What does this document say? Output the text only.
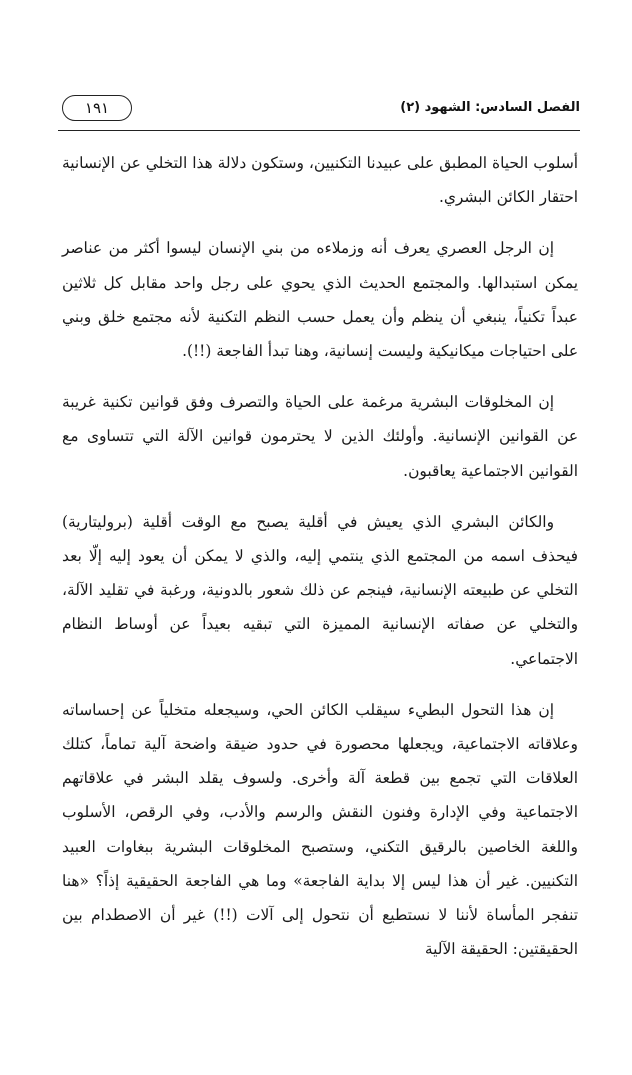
الفصل السادس: الشهود (٢)
١٩١

أسلوب الحياة المطبق على عبيدنا التكنيين، وستكون دلالة هذا التخلي عن الإنسانية احتقار الكائن البشري.

إن الرجل العصري يعرف أنه وزملاءه من بني الإنسان ليسوا أكثر من عناصر يمكن استبدالها. والمجتمع الحديث الذي يحوي على رجل واحد مقابل كل ثلاثين عبداً تكنياً، ينبغي أن ينظم وأن يعمل حسب النظم التكنية لأنه مجتمع خلق وبني على احتياجات ميكانيكية وليست إنسانية، وهنا تبدأ الفاجعة (!!).

إن المخلوقات البشرية مرغمة على الحياة والتصرف وفق قوانين تكنية غريبة عن القوانين الإنسانية. وأولئك الذين لا يحترمون قوانين الآلة التي تتساوى مع القوانين الاجتماعية يعاقبون.

والكائن البشري الذي يعيش في أقلية يصبح مع الوقت أقلية (بروليتارية) فيحذف اسمه من المجتمع الذي ينتمي إليه، والذي لا يمكن أن يعود إليه إلّا بعد التخلي عن طبيعته الإنسانية، فينجم عن ذلك شعور بالدونية، ورغبة في تقليد الآلة، والتخلي عن صفاته الإنسانية المميزة التي تبقيه بعيداً عن أوساط النظام الاجتماعي.

إن هذا التحول البطيء سيقلب الكائن الحي، وسيجعله متخلياً عن إحساساته وعلاقاته الاجتماعية، ويجعلها محصورة في حدود ضيقة واضحة آلية تماماً، كتلك العلاقات التي تجمع بين قطعة آلة وأخرى. ولسوف يقلد البشر في علاقاتهم الاجتماعية وفي الإدارة وفنون النقش والرسم والأدب، وفي الرقص، الأسلوب واللغة الخاصين بالرقيق التكني، وستصبح المخلوقات البشرية ببغاوات العبيد التكنيين. غير أن هذا ليس إلا بداية الفاجعة» وما هي الفاجعة الحقيقية إذاً؟ «هنا تنفجر المأساة لأننا لا نستطيع أن نتحول إلى آلات (!!) غير أن الاصطدام بين الحقيقتين: الحقيقة الآلية
